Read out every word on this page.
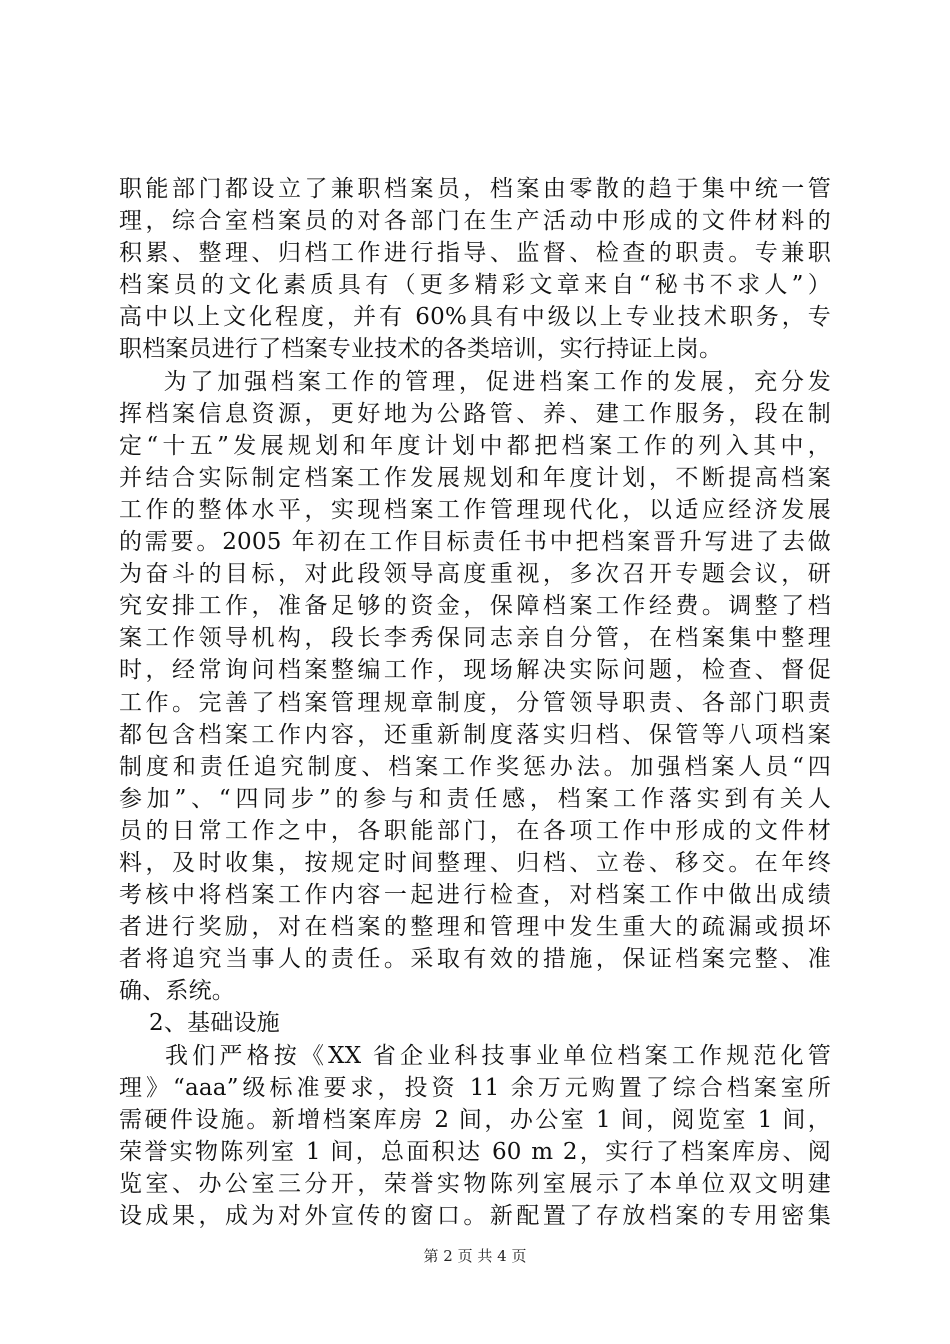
职能部门都设立了兼职档案员，档案由零散的趋于集中统一管
理，综合室档案员的对各部门在生产活动中形成的文件材料的
积累、整理、归档工作进行指导、监督、检查的职责。专兼职
档案员的文化素质具有（更多精彩文章来自“秘书不求人”）
高中以上文化程度，并有 60%具有中级以上专业技术职务，专
职档案员进行了档案专业技术的各类培训，实行持证上岗。
为了加强档案工作的管理，促进档案工作的发展，充分发
挥档案信息资源，更好地为公路管、养、建工作服务，段在制
定“十五”发展规划和年度计划中都把档案工作的列入其中，
并结合实际制定档案工作发展规划和年度计划，不断提高档案
工作的整体水平，实现档案工作管理现代化，以适应经济发展
的需要。2005 年初在工作目标责任书中把档案晋升写进了去做
为奋斗的目标，对此段领导高度重视，多次召开专题会议，研
究安排工作，准备足够的资金，保障档案工作经费。调整了档
案工作领导机构，段长李秀保同志亲自分管，在档案集中整理
时，经常询问档案整编工作，现场解决实际问题，检查、督促
工作。完善了档案管理规章制度，分管领导职责、各部门职责
都包含档案工作内容，还重新制度落实归档、保管等八项档案
制度和责任追究制度、档案工作奖惩办法。加强档案人员“四
参加”、“四同步”的参与和责任感，档案工作落实到有关人
员的日常工作之中，各职能部门，在各项工作中形成的文件材
料，及时收集，按规定时间整理、归档、立卷、移交。在年终
考核中将档案工作内容一起进行检查，对档案工作中做出成绩
者进行奖励，对在档案的整理和管理中发生重大的疏漏或损坏
者将追究当事人的责任。采取有效的措施，保证档案完整、准
确、系统。
2、基础设施
我们严格按《XX 省企业科技事业单位档案工作规范化管
理》“aaa”级标准要求，投资 11 余万元购置了综合档案室所
需硬件设施。新增档案库房 2 间，办公室 1 间，阅览室 1 间，
荣誉实物陈列室 1 间，总面积达 60 m 2，实行了档案库房、阅
览室、办公室三分开，荣誉实物陈列室展示了本单位双文明建
设成果，成为对外宣传的窗口。新配置了存放档案的专用密集
第 2 页 共 4 页
